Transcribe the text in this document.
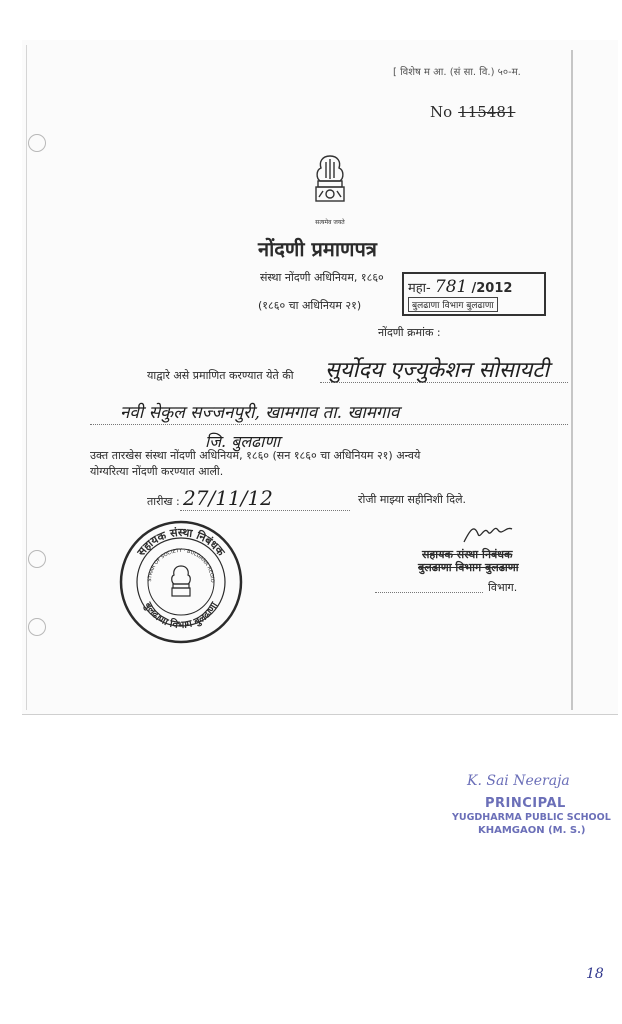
[ विशेष म आ. (सं सा. वि.) ५०-म.
No 115481
सत्यमेव जयते
नोंदणी प्रमाणपत्र
संस्था नोंदणी अधिनियम, १८६०
(१८६० चा अधिनियम २१)
महा- 781 /2012
बुलढाणा विभाग बुलढाणा
नोंदणी क्रमांक :
याद्वारे असे प्रमाणित करण्यात येते की सुर्योदय एज्युकेशन सोसायटी
नवी सेकुल सज्जनपुरी, खामगाव ता. खामगाव
जि. बुलढाणा
उक्त तारखेस संस्था नोंदणी अधिनियम, १८६० (सन १८६० चा अधिनियम २१) अन्वये
योग्यरित्या नोंदणी करण्यात आली.
तारीख : 27/11/12	रोजी माझ्या सहीनिशी दिले.
सहायक संस्था निबंधक
STRAR OF SOCIETY · BULDANA REGIO
बुलढाणा विभाग बुलढाणा
सहायक संस्था निबंधक
बुलढाणा विभाग बुलढाणा
विभाग.
K. Sai Neeraja
PRINCIPAL
YUGDHARMA PUBLIC SCHOOL
KHAMGAON (M. S.)
18
